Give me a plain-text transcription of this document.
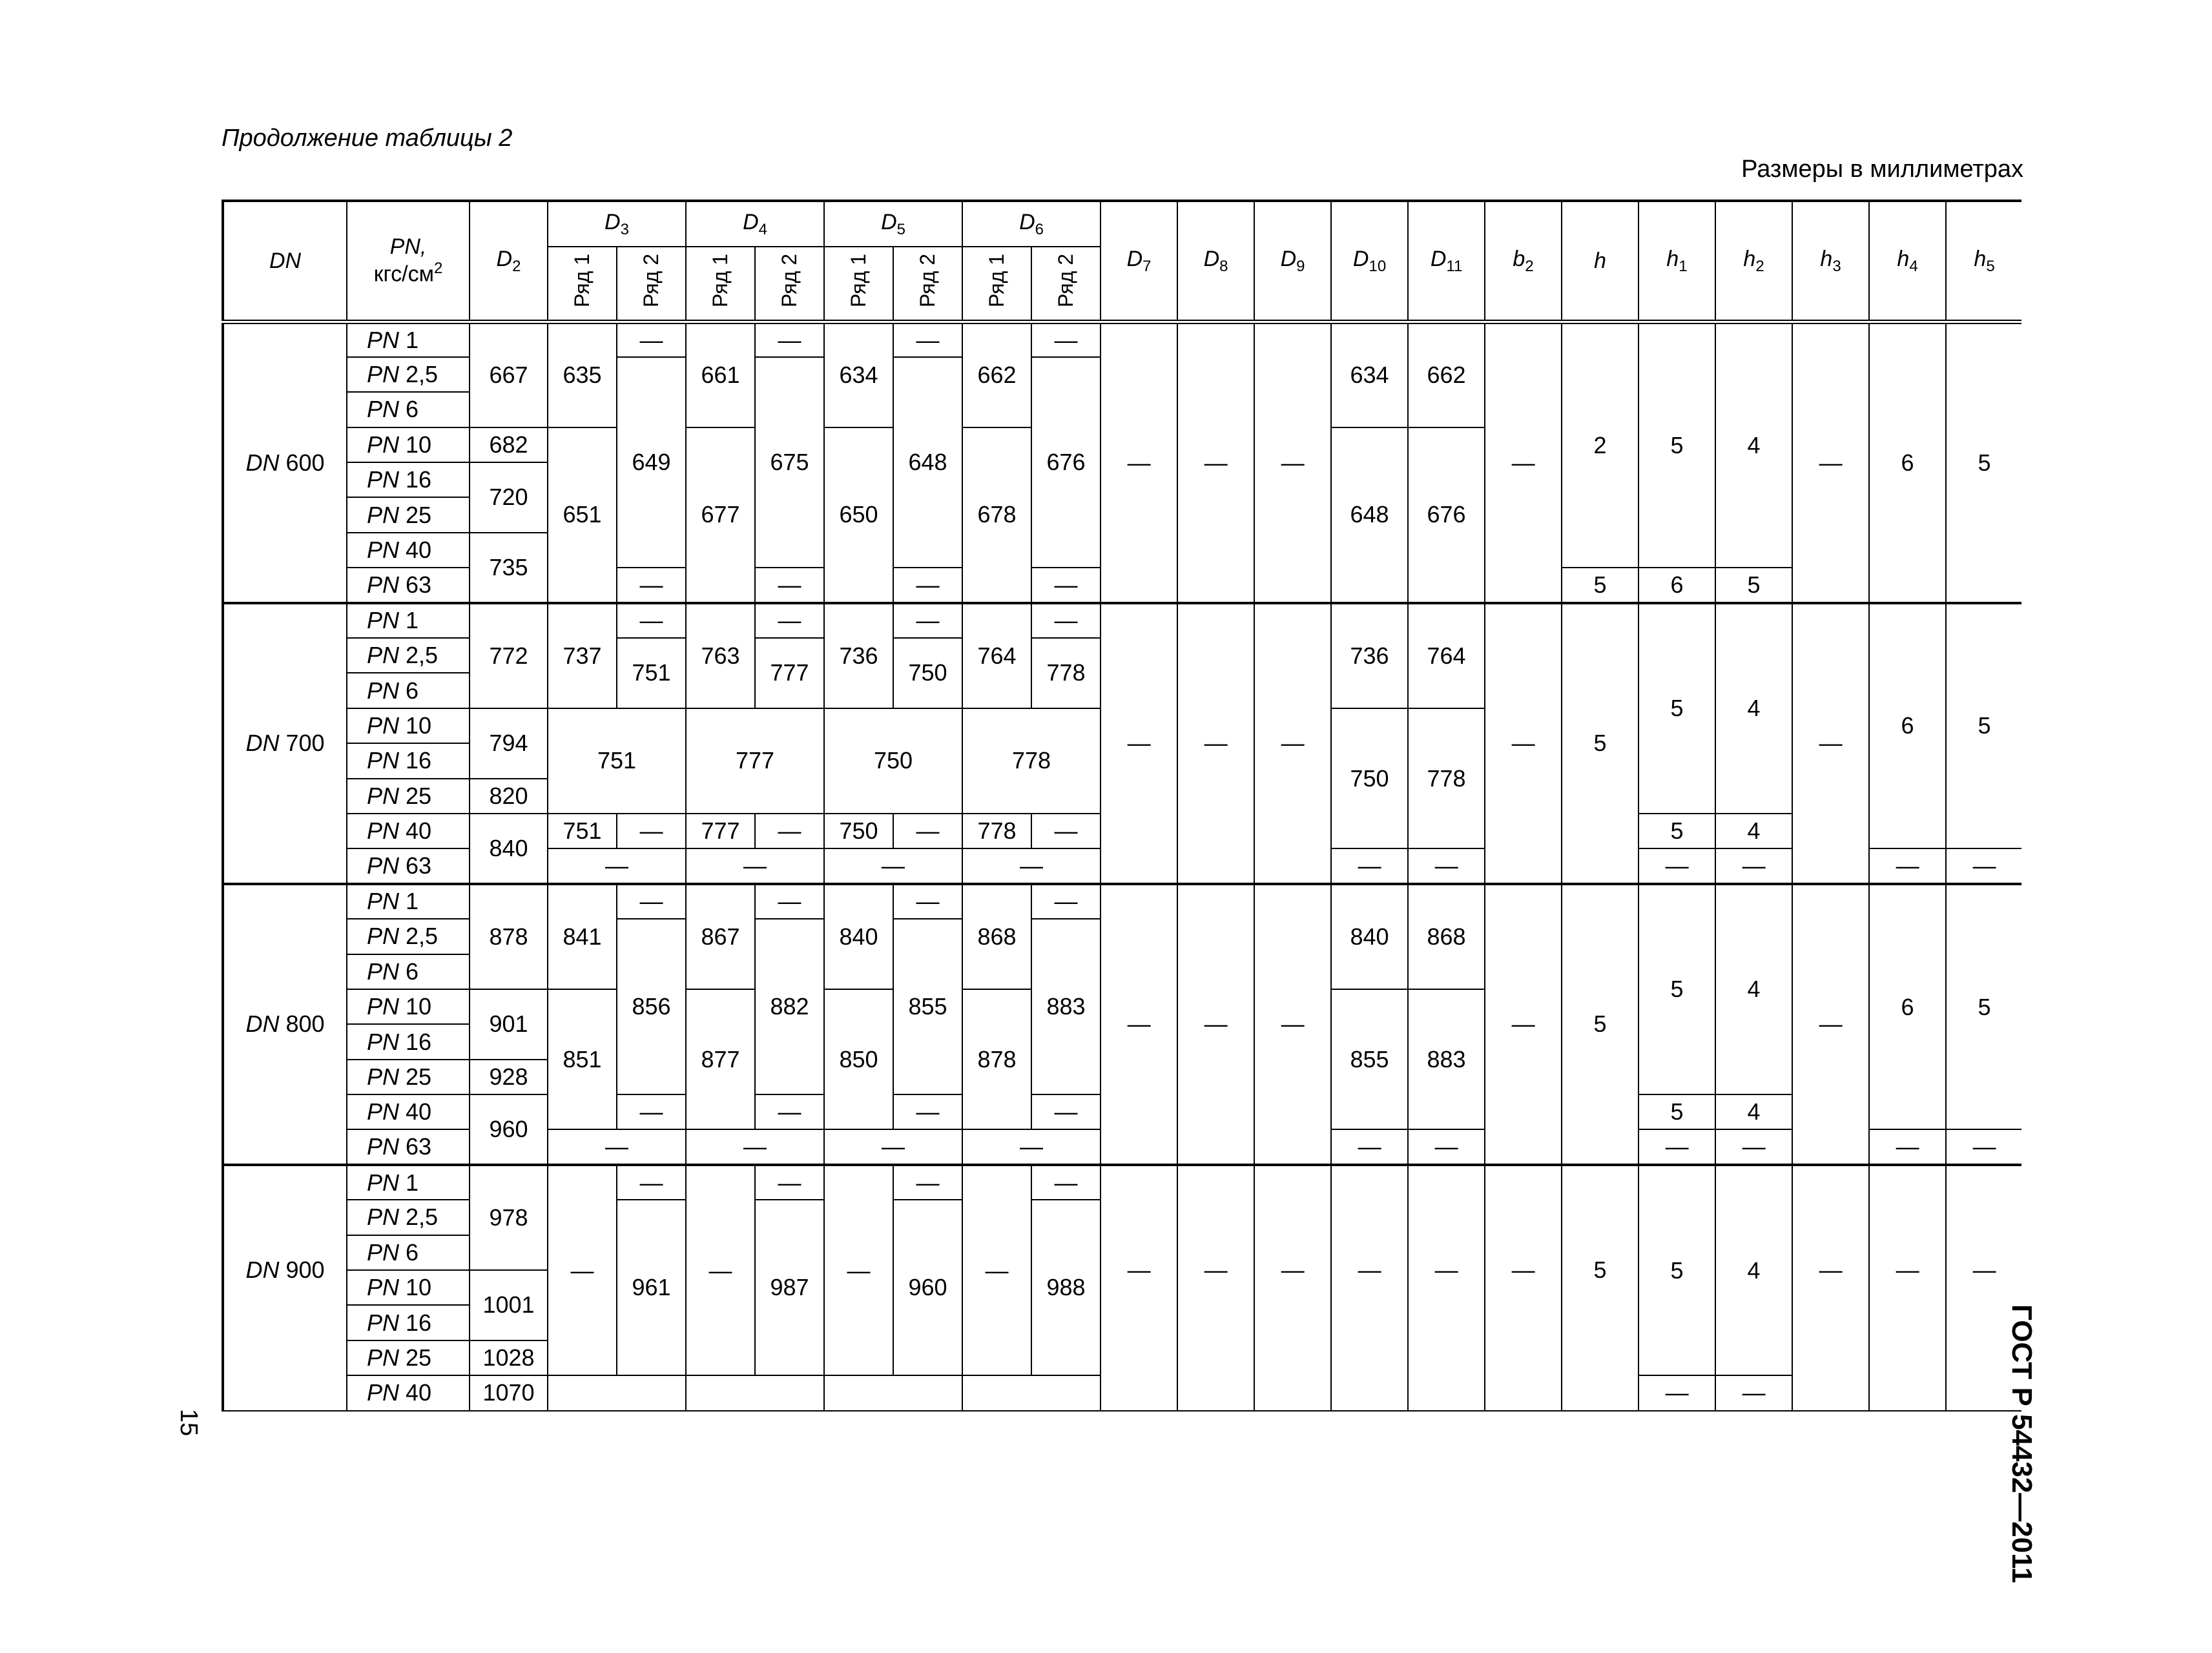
Продолжение таблицы 2
Размеры в миллиметрах
15	ГОСТ Р 54432—2011
DN	PN,
кгс/$см^2$	$D_2$	$D_3$		$D_4$		$D_5$		$D_6$		$D_7$	$D_8$	$D_9$	$D_{10}$	$D_{11}$	$b_2$	h	$h_1$	$h_2$	$h_3$	$h_4$	$h_5$
			Ряд 1	Ряд 2	Ряд 1	Ряд 2	Ряд 1	Ряд 2	Ряд 1	Ряд 2												
DN 600	PN 1	667	635	—	661	—	634	—	662	—	—	—	—	634	662	—	2	5	4	—	6	5
	PN 2,5			649		675		648		676												
	PN 6																					
	PN 10	682	651		677		650		678					648	676							
	PN 16	720																				
	PN 25																					
	PN 40	735																				
	PN 63			—		—		—		—							5	6	5			
DN 700	PN 1	772	737	—	763	—	736	—	764	—	—	—	—	736	764	—	5	5	4	—	6	5
	PN 2,5			751		777		750		778												
	PN 6																					
	PN 10	794	751		777		750		778					750	778							
	PN 16																					
	PN 25	820																				
	PN 40	840	751	—	777	—	750	—	778	—								5	4			
	PN 63		—		—		—		—					—	—			—	—		—	—
DN 800	PN 1	878	841	—	867	—	840	—	868	—	—	—	—	840	868	—	5	5	4	—	6	5
	PN 2,5			856		882		855		883												
	PN 6																					
	PN 10	901	851		877		850		878					855	883							
	PN 16																					
	PN 25	928																				
	PN 40	960		—		—		—		—								5	4			
	PN 63		—		—		—		—					—	—			—	—		—	—
DN 900	PN 1	978	—	—	—	—	—	—	—	—	—	—	—	—	—	—	5	5	4	—	—	—
	PN 2,5			961		987		960		988												
	PN 6																					
	PN 10	1001																				
	PN 16																					
	PN 25	1028																				
	PN 40	1070																—	—			
